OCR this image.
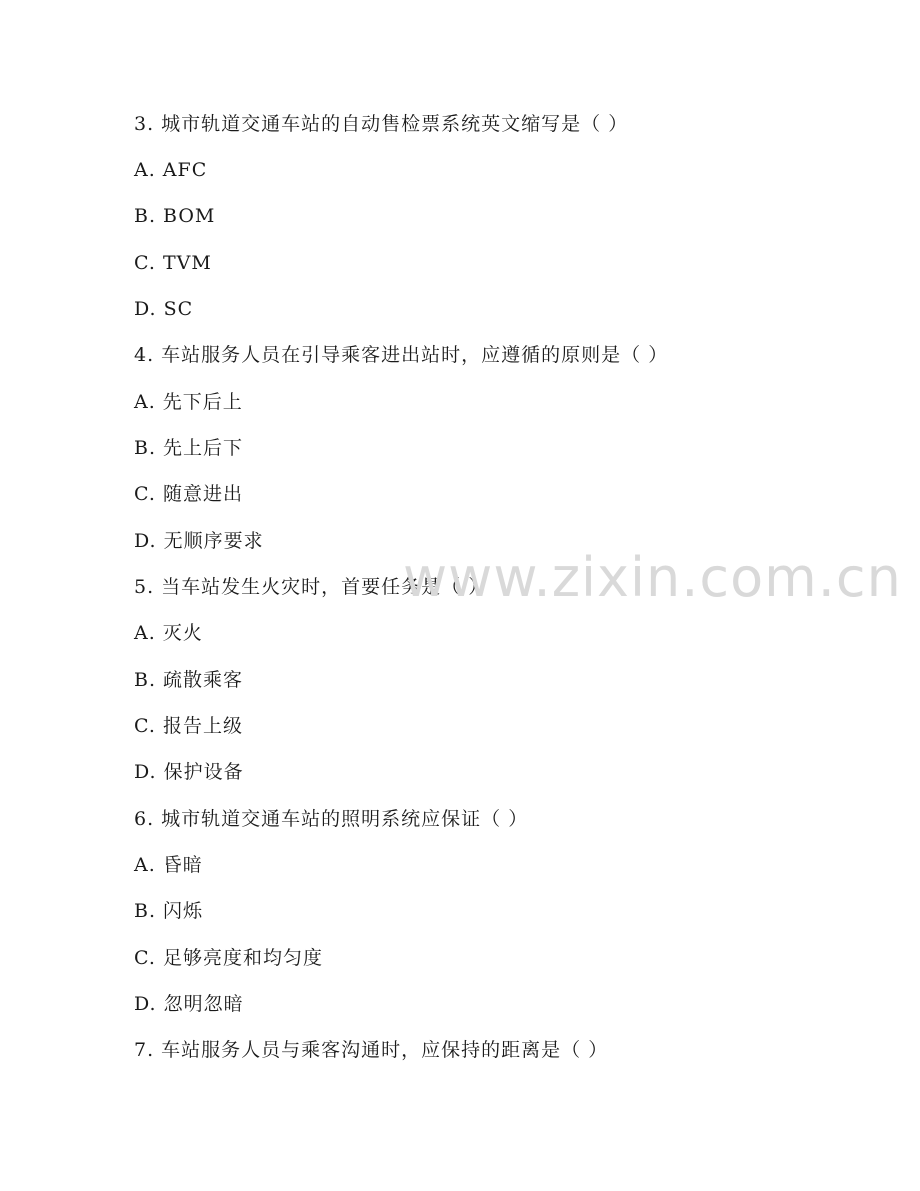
3. 城市轨道交通车站的自动售检票系统英文缩写是（ ）
A. AFC
B. BOM
C. TVM
D. SC
4. 车站服务人员在引导乘客进出站时，应遵循的原则是（ ）
A. 先下后上
B. 先上后下
C. 随意进出
D. 无顺序要求
5. 当车站发生火灾时，首要任务是（ ）
A. 灭火
B. 疏散乘客
C. 报告上级
D. 保护设备
6. 城市轨道交通车站的照明系统应保证（ ）
A. 昏暗
B. 闪烁
C. 足够亮度和均匀度
D. 忽明忽暗
7. 车站服务人员与乘客沟通时，应保持的距离是（ ）
www.zixin.com.cn
